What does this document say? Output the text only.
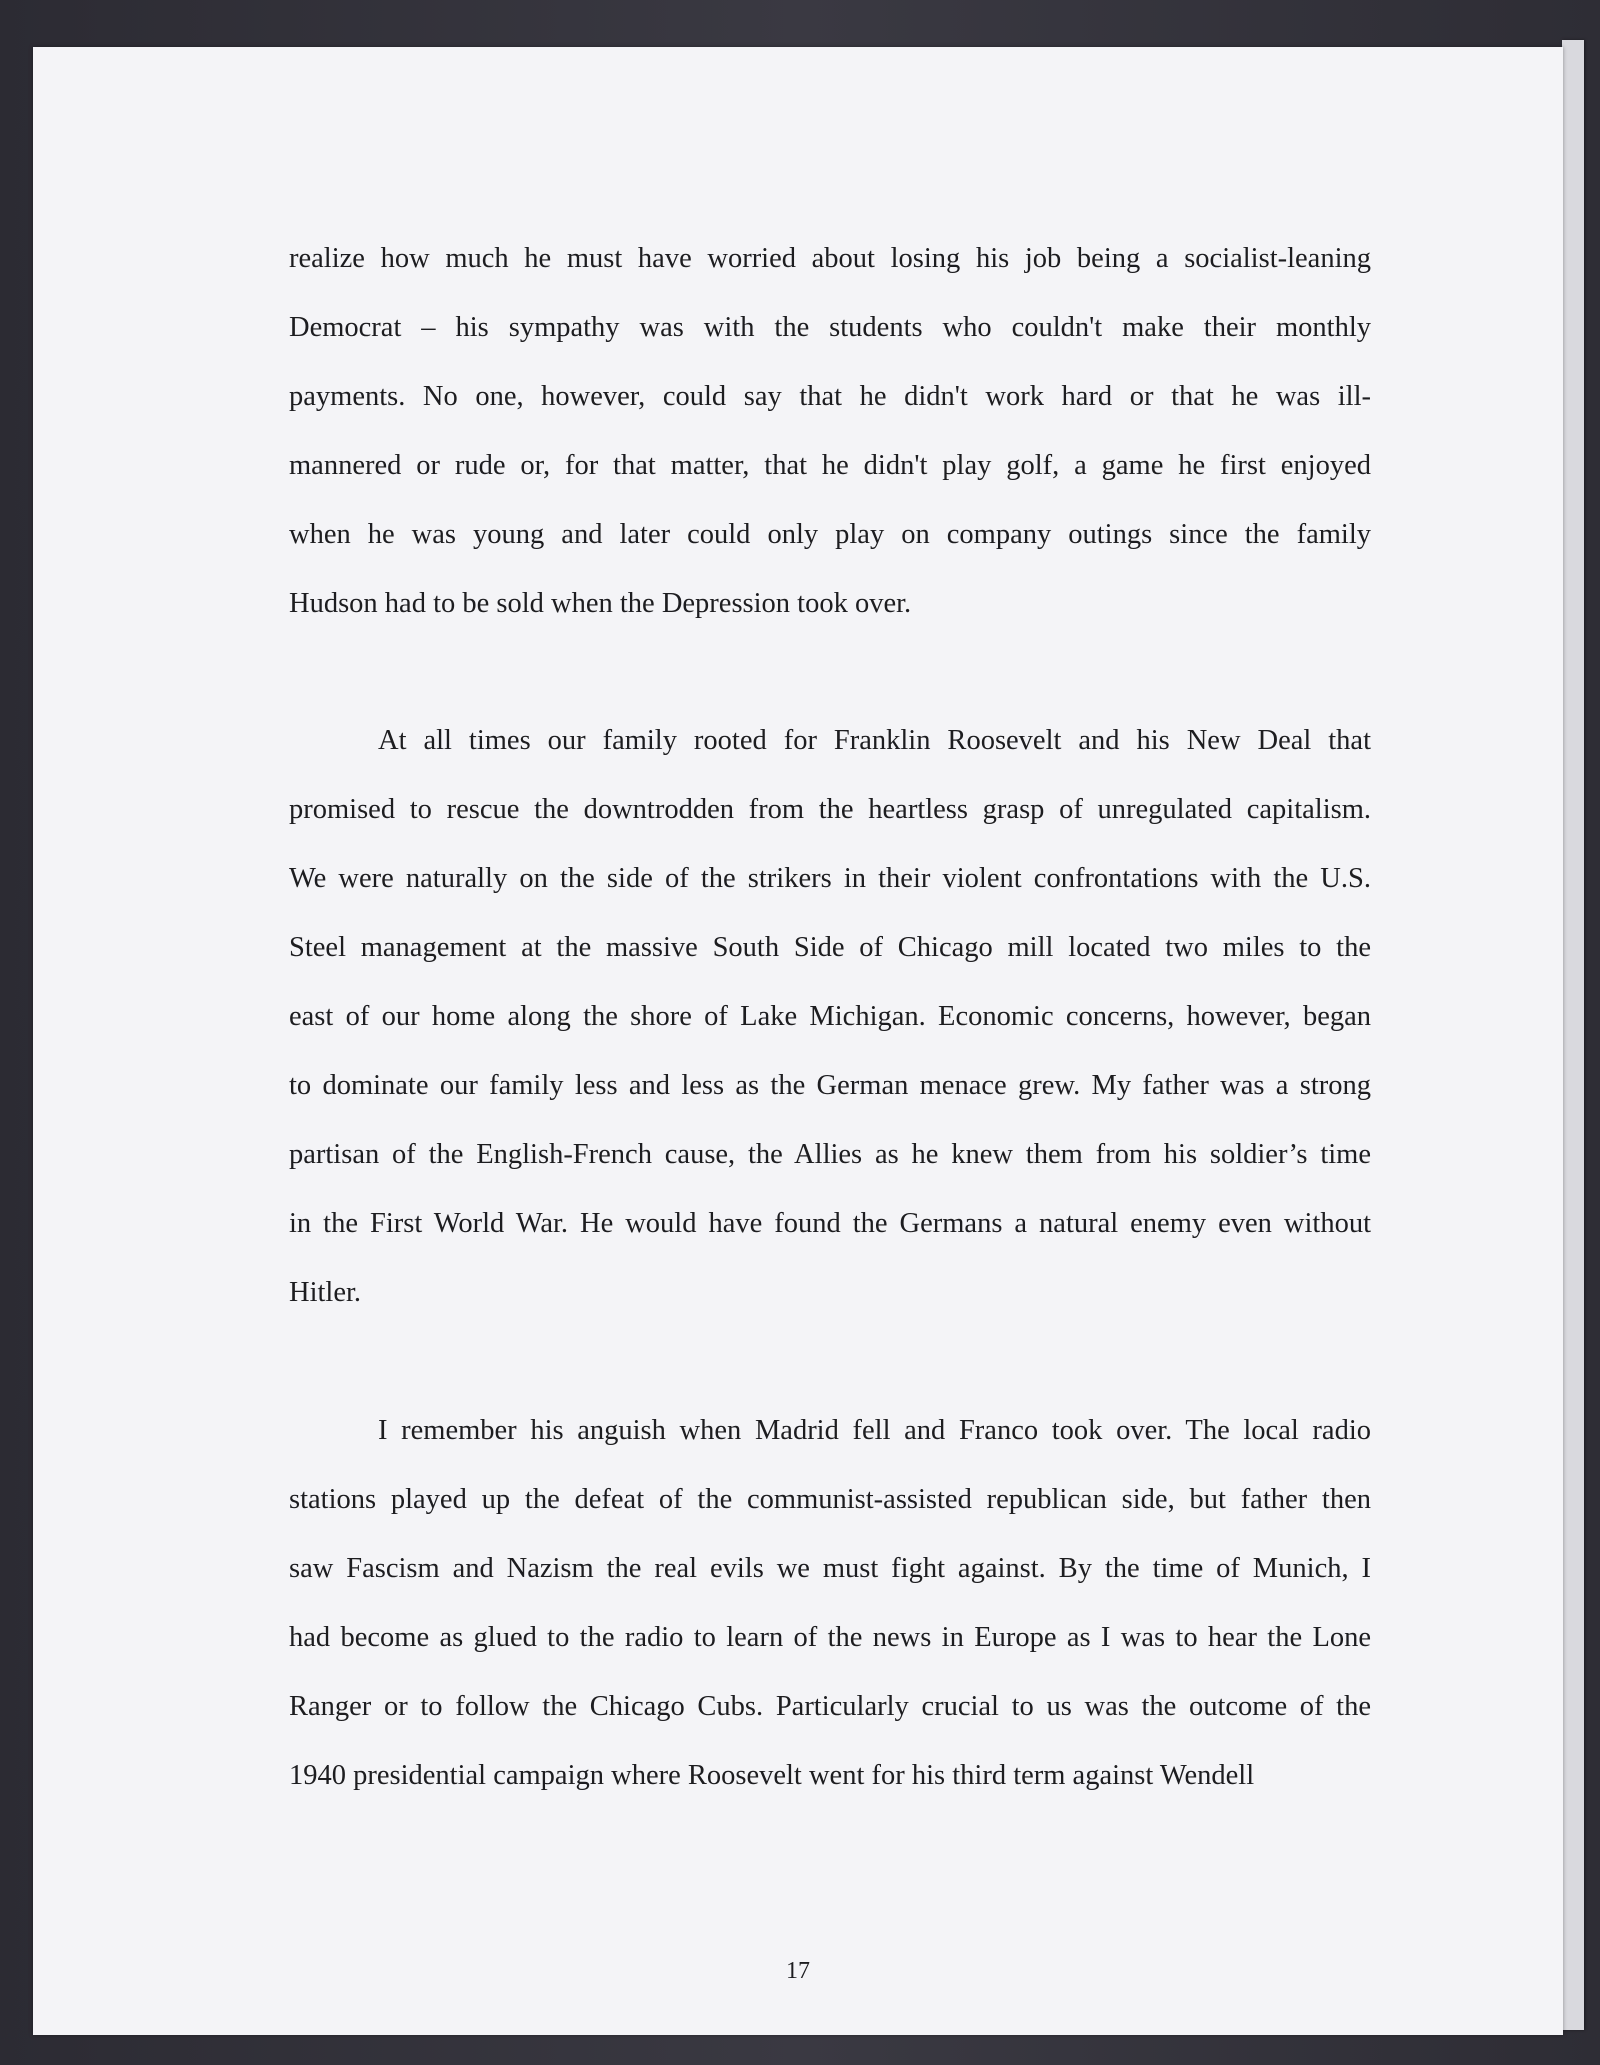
realize how much he must have worried about losing his job being a socialist-leaning
Democrat – his sympathy was with the students who couldn't make their monthly
payments. No one, however, could say that he didn't work hard or that he was ill-
mannered or rude or, for that matter, that he didn't play golf, a game he first enjoyed
when he was young and later could only play on company outings since the family
Hudson had to be sold when the Depression took over.
At all times our family rooted for Franklin Roosevelt and his New Deal that
promised to rescue the downtrodden from the heartless grasp of unregulated capitalism.
We were naturally on the side of the strikers in their violent confrontations with the U.S.
Steel management at the massive South Side of Chicago mill located two miles to the
east of our home along the shore of Lake Michigan. Economic concerns, however, began
to dominate our family less and less as the German menace grew. My father was a strong
partisan of the English-French cause, the Allies as he knew them from his soldier’s time
in the First World War. He would have found the Germans a natural enemy even without
Hitler.
I remember his anguish when Madrid fell and Franco took over. The local radio
stations played up the defeat of the communist-assisted republican side, but father then
saw Fascism and Nazism the real evils we must fight against. By the time of Munich, I
had become as glued to the radio to learn of the news in Europe as I was to hear the Lone
Ranger or to follow the Chicago Cubs. Particularly crucial to us was the outcome of the
1940 presidential campaign where Roosevelt went for his third term against Wendell
17
